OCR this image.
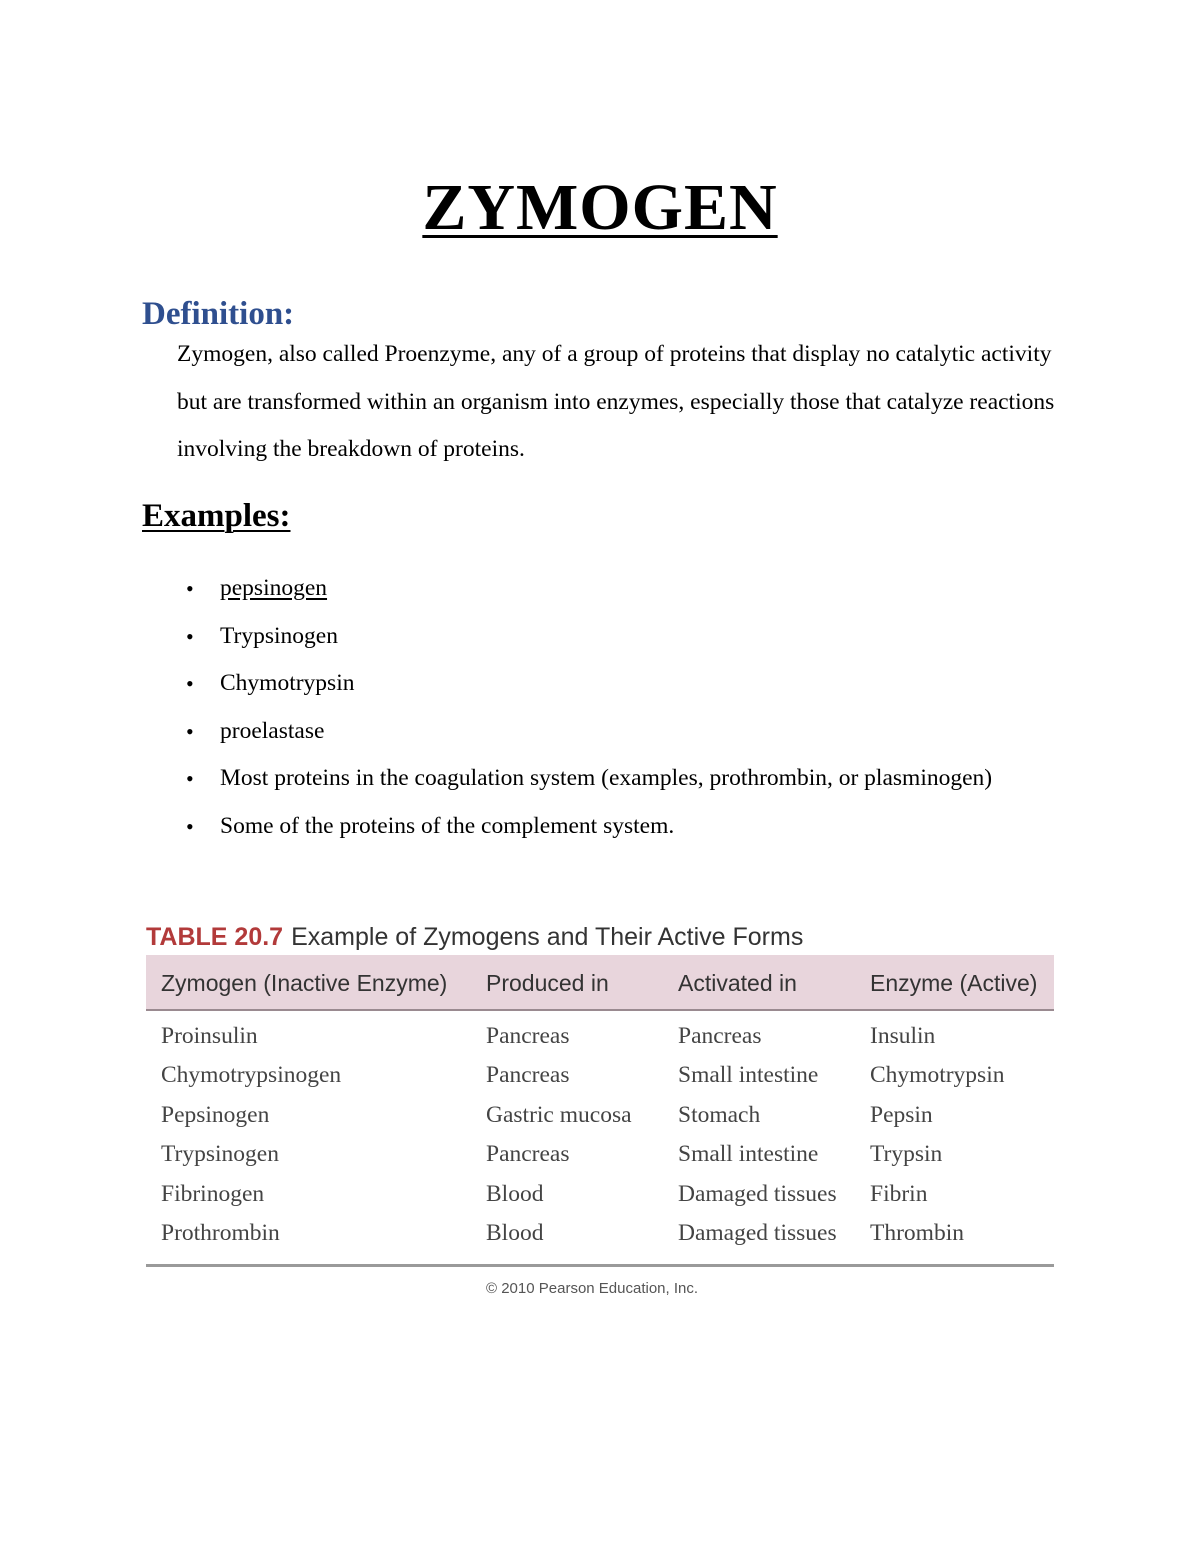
ZYMOGEN
Definition:

Zymogen, also called Proenzyme, any of a group of proteins that display no catalytic activity but are transformed within an organism into enzymes, especially those that catalyze reactions involving the breakdown of proteins.

Examples:
• pepsinogen
• Trypsinogen
• Chymotrypsin
• proelastase
• Most proteins in the coagulation system (examples, prothrombin, or plasminogen)
• Some of the proteins of the complement system.
TABLE 20.7 Example of Zymogens and Their Active Forms
Zymogen (Inactive Enzyme) Produced in	Activated in	Enzyme (Active)
Proinsulin	Pancreas	Pancreas	Insulin
Chymotrypsinogen	Pancreas	Small intestine Chymotrypsin
Pepsinogen	Gastric mucosa Stomach	Pepsin
Trypsinogen	Pancreas	Small intestine Trypsin
Fibrinogen	Blood	Damaged tissues Fibrin
Prothrombin	Blood	Damaged tissues Thrombin
© 2010 Pearson Education, Inc.
